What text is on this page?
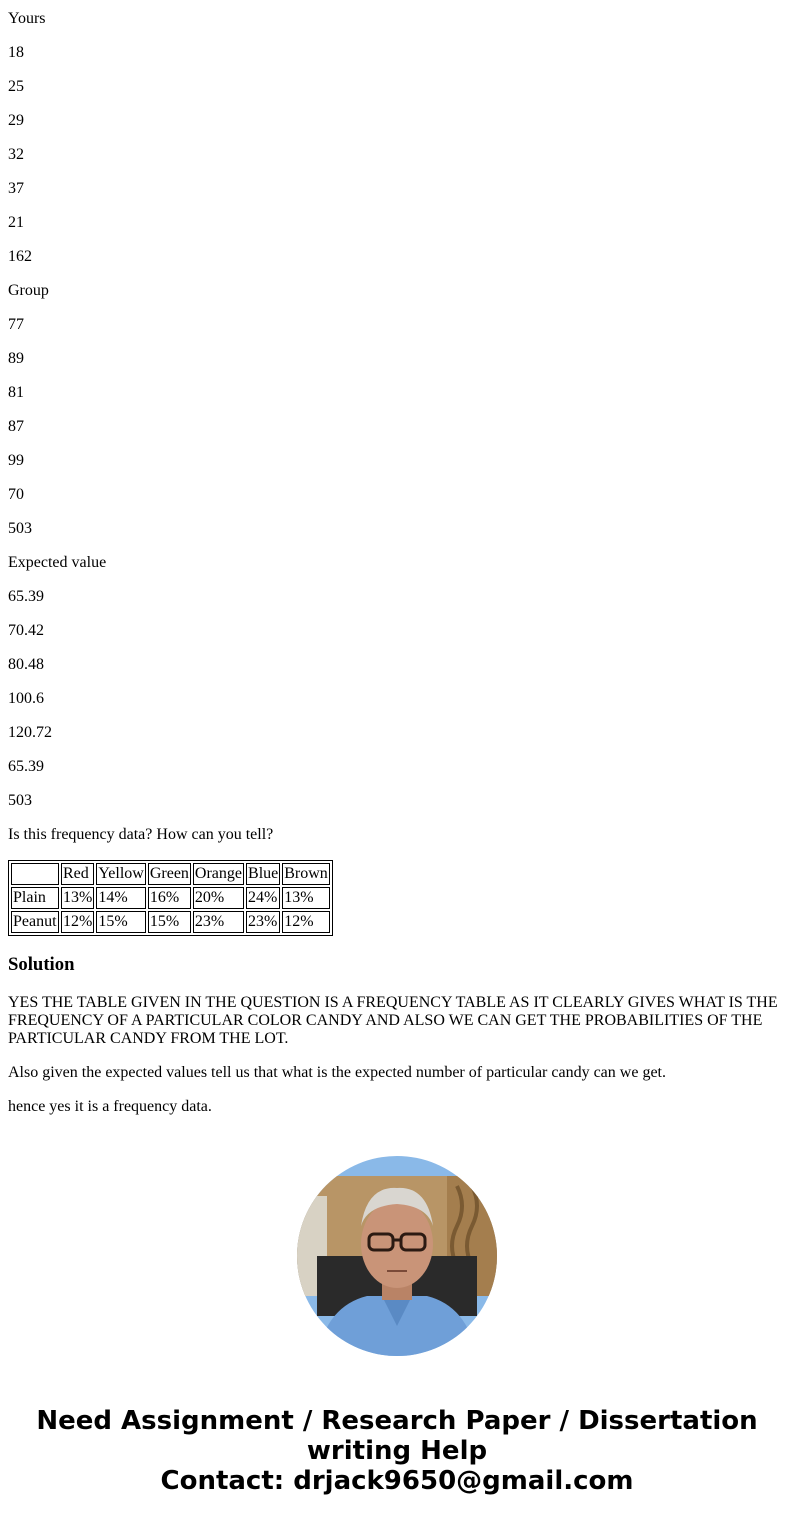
Yours

18

25

29

32

37

21

162

Group

77

89

81

87

99

70

503

Expected value

65.39

70.42

80.48

100.6

120.72

65.39

503

Is this frequency data? How can you tell?

	Red	Yellow	Green	Orange	Blue	Brown
Plain	13%	14%	16%	20%	24%	13%
Peanut	12%	15%	15%	23%	23%	12%
Solution

YES THE TABLE GIVEN IN THE QUESTION IS A FREQUENCY TABLE AS IT CLEARLY GIVES WHAT IS THE FREQUENCY OF A PARTICULAR COLOR CANDY AND ALSO WE CAN GET THE PROBABILITIES OF THE PARTICULAR CANDY FROM THE LOT.

Also given the expected values tell us that what is the expected number of particular candy can we get.

hence yes it is a frequency data.

Need Assignment / Research Paper / Dissertation writing Help
Contact: drjack9650@gmail.com
